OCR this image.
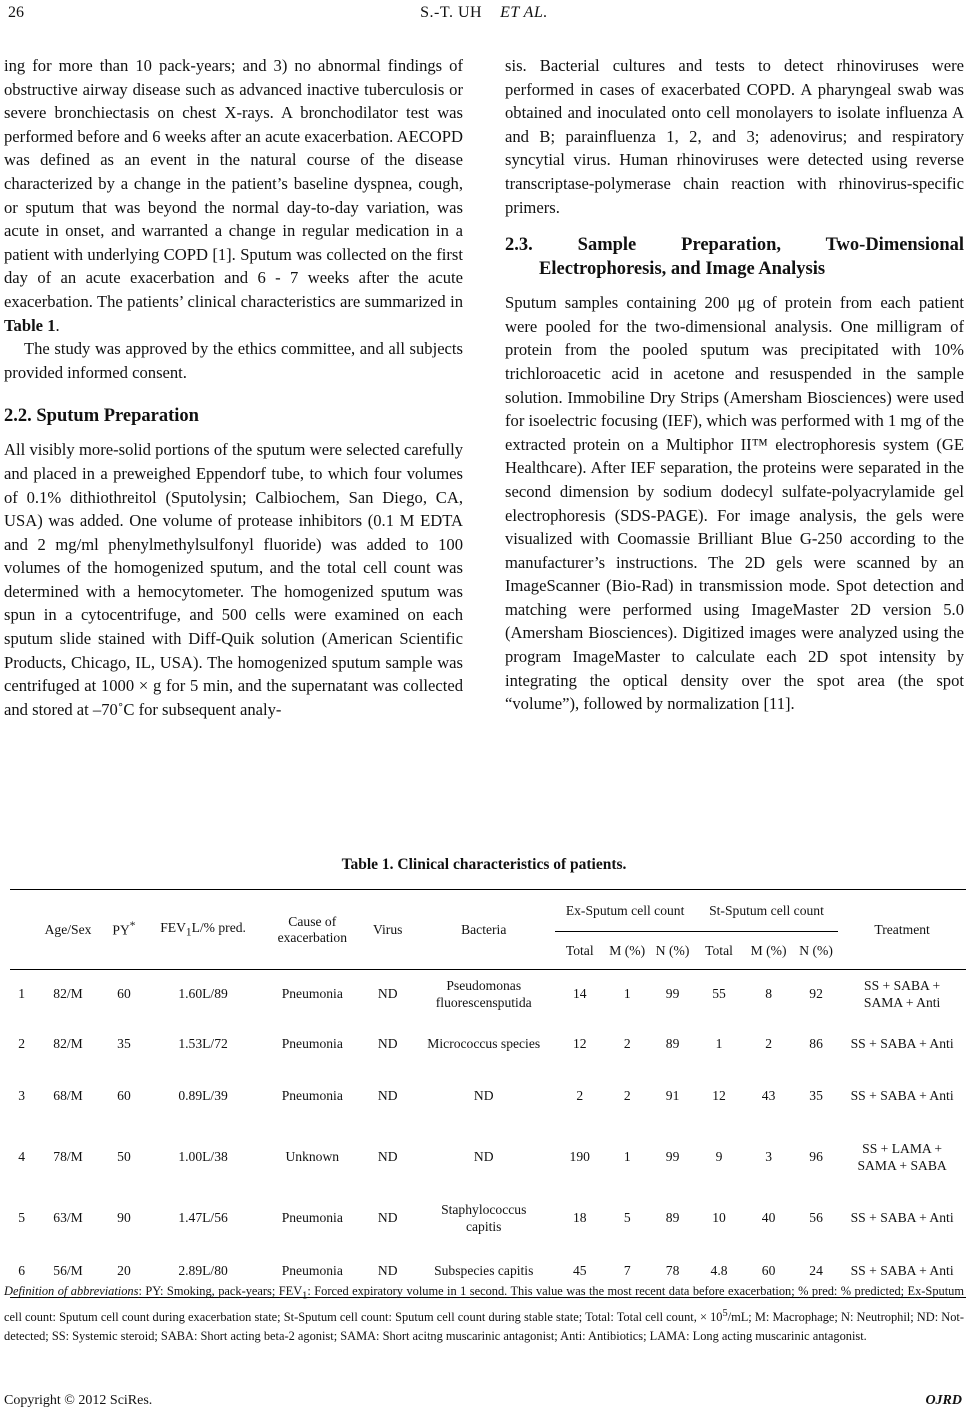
26	S.-T. UH ET AL.

ing for more than 10 pack-years; and 3) no abnormal findings of obstructive airway disease such as advanced inactive tuberculosis or severe bronchiectasis on chest X-rays. A bronchodilator test was performed before and 6 weeks after an acute exacerbation. AECOPD was defined as an event in the natural course of the disease characterized by a change in the patient’s baseline dyspnea, cough, or sputum that was beyond the normal day-to-day variation, was acute in onset, and warranted a change in regular medication in a patient with underlying COPD [1]. Sputum was collected on the first day of an acute exacerbation and 6 - 7 weeks after the acute exacerbation. The patients’ clinical characteristics are summarized in Table 1.

The study was approved by the ethics committee, and all subjects provided informed consent.

2.2. Sputum Preparation

All visibly more-solid portions of the sputum were selected carefully and placed in a preweighed Eppendorf tube, to which four volumes of 0.1% dithiothreitol (Sputolysin; Calbiochem, San Diego, CA, USA) was added. One volume of protease inhibitors (0.1 M EDTA and 2 mg/ml phenylmethylsulfonyl fluoride) was added to 100 volumes of the homogenized sputum, and the total cell count was determined with a hemocytometer. The homogenized sputum was spun in a cytocentrifuge, and 500 cells were examined on each sputum slide stained with Diff-Quik solution (American Scientific Products, Chicago, IL, USA). The homogenized sputum sample was centrifuged at 1000 × g for 5 min, and the supernatant was collected and stored at –70˚C for subsequent analy-

sis. Bacterial cultures and tests to detect rhinoviruses were performed in cases of exacerbated COPD. A pharyngeal swab was obtained and inoculated onto cell monolayers to isolate influenza A and B; parainfluenza 1, 2, and 3; adenovirus; and respiratory syncytial virus. Human rhinoviruses were detected using reverse transcriptase-polymerase chain reaction with rhinovirus-specific primers.

2.3. Sample Preparation, Two-Dimensional Electrophoresis, and Image Analysis

Sputum samples containing 200 μg of protein from each patient were pooled for the two-dimensional analysis. One milligram of protein from the pooled sputum was precipitated with 10% trichloroacetic acid in acetone and resuspended in the sample solution. Immobiline Dry Strips (Amersham Biosciences) were used for isoelectric focusing (IEF), which was performed with 1 mg of the extracted protein on a Multiphor II™ electrophoresis system (GE Healthcare). After IEF separation, the proteins were separated in the second dimension by sodium dodecyl sulfate-polyacrylamide gel electrophoresis (SDS-PAGE). For image analysis, the gels were visualized with Coomassie Brilliant Blue G-250 according to the manufacturer’s instructions. The 2D gels were scanned by an ImageScanner (Bio-Rad) in transmission mode. Spot detection and matching were performed using ImageMaster 2D version 5.0 (Amersham Biosciences). Digitized images were analyzed using the program ImageMaster to calculate each 2D spot intensity by integrating the optical density over the spot area (the spot “volume”), followed by normalization [11].

Table 1. Clinical characteristics of patients.
	Age/Sex	PY*	$FEV_1L/\%$ pred.	Cause of exacerbation	Virus	Bacteria	Ex-Sputum cell count			St-Sputum cell count			Treatment
							Total	M (%)	N (%)	Total	M (%)	N (%)	
1	82/M	60	1.60L/89	Pneumonia	ND	Pseudomonas fluorescensputida	14	1	99	55	8	92	SS + SABA + SAMA + Anti
2	82/M	35	1.53L/72	Pneumonia	ND	Micrococcus species	12	2	89	1	2	86	SS + SABA + Anti
3	68/M	60	0.89L/39	Pneumonia	ND	ND	2	2	91	12	43	35	SS + SABA + Anti
4	78/M	50	1.00L/38	Unknown	ND	ND	190	1	99	9	3	96	SS + LAMA + SAMA + SABA
5	63/M	90	1.47L/56	Pneumonia	ND	Staphylococcus capitis	18	5	89	10	40	56	SS + SABA + Anti
6	56/M	20	2.89L/80	Pneumonia	ND	Subspecies capitis	45	7	78	4.8	60	24	SS + SABA + Anti
Definition of abbreviations: PY: Smoking, pack-years; $FEV_1$: Forced expiratory volume in 1 second. This value was the most recent data before exacerbation; % pred: % predicted; Ex-Sputum cell count: Sputum cell count during exacerbation state; St-Sputum cell count: Sputum cell count during stable state; Total: Total cell count, × $10^5/mL$; M: Macrophage; N: Neutrophil; ND: Not-detected; SS: Systemic steroid; SABA: Short acting beta-2 agonist; SAMA: Short acitng muscarinic antagonist; Anti: Antibiotics; LAMA: Long acting muscarinic antagonist.
Copyright © 2012 SciRes.	OJRD
